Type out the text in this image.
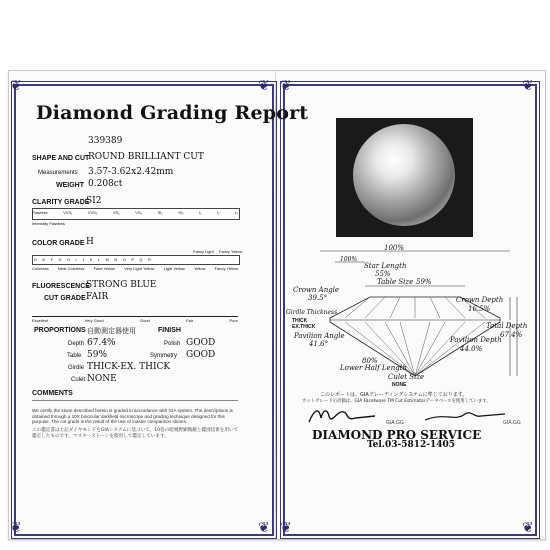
❦	❦
❦	❦
❦	❦
❦	❦
Diamond Grading Report
339389
SHAPE AND CUT
ROUND BRILLIANT CUT
Measurements 3.57-3.62x2.42mm
WEIGHT 0.208ct
CLARITY GRADE
SI2
Flawless	VVS₁	VVS₂	VS₁	VS₂	SI₁	SI₂	I₁	I₂	I₃
Internally Flawless
COLOR GRADE H
Fancy Light Fancy Yellow
D E F G H I J K L M N O P Q R
Colorless Near Colorless Faint Yellow Very Light Yellow Light Yellow Yellow Fancy Yellow
FLUORESCENCE
STRONG BLUE
CUT GRADE FAIR
Excellent	Very Good	Good	Fair	Poor
PROPORTIONS 自動測定器使用	FINISH
Depth 67.4%	Polish GOOD
Table 59%	Symmetry GOOD
Girdle THICK-EX. THICK
Culet NONE
COMMENTS
We certify the stone described herein is graded in accordance with GIA system. The descriptions is obtained through a 10X binocular darkfield microscope and grading technique designed for this purpose. The cut grade is the result of the use of master comparison stones.
この鑑定書は上記ダイヤモンドをGIAシステムに基づいて、10倍の暗視野顕微鏡と鑑別技術を用いて鑑定したものです。マスターストーンを使用して鑑定しています。
100%
100%
Star Length
55%
Table Size 59%
Crown Angle
39.5°
Girdle Thickness
THICK EX.THICK
Pavilion Angle
41.6°
80%
Lower Half Length
Culet Size
NONE
Crown Depth
16.5%
Total Depth
67.4%
Pavilion Depth
44.0%
このレポートは、GIAグレーディングシステムに準じております。
カットグレードの評価は、GIA Facetware TM Cut Estimatorデータベースを使用しています。
GIA.GG	GIA.GG
DIAMOND PRO SERVICE
Tel.03-5812-1405
